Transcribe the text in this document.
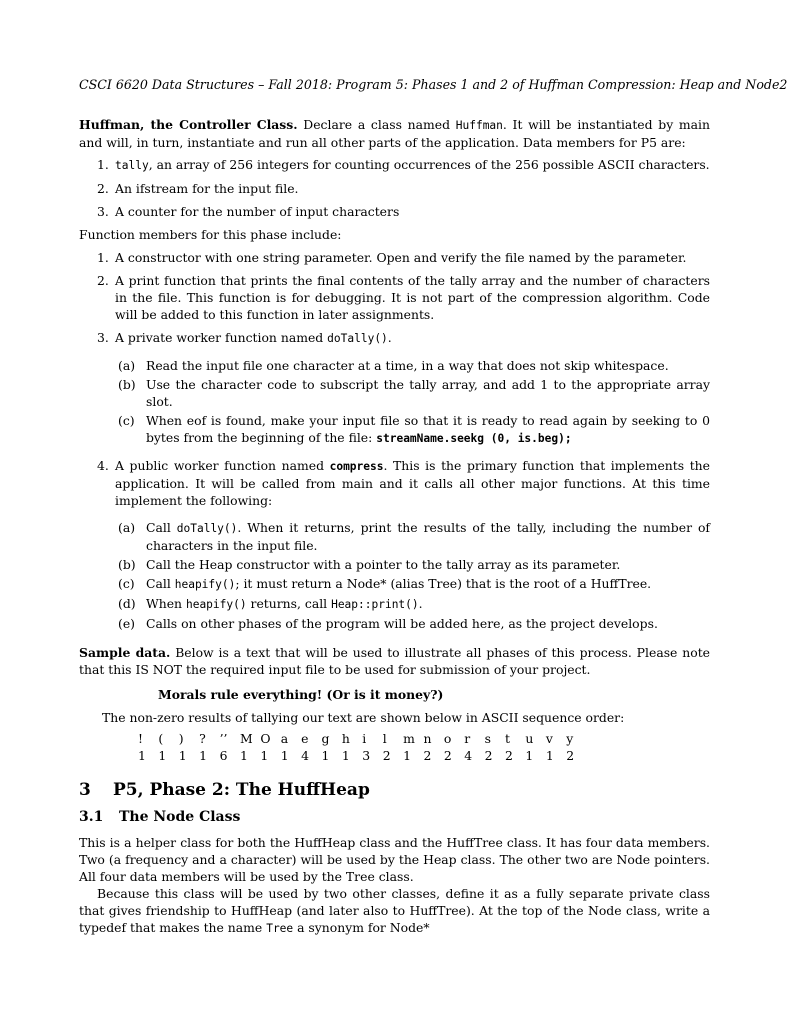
CSCI 6620 Data Structures – Fall 2018: Program 5: Phases 1 and 2 of Huffman Compression: Heap and Node2

Huffman, the Controller Class. Declare a class named Huffman. It will be instantiated by main and will, in turn, instantiate and run all other parts of the application. Data members for P5 are:

1. tally, an array of 256 integers for counting occurrences of the 256 possible ASCII characters.
2. An ifstream for the input file.
3. A counter for the number of input characters

Function members for this phase include:

1. A constructor with one string parameter. Open and verify the file named by the parameter.
2. A print function that prints the final contents of the tally array and the number of characters in the file. This function is for debugging. It is not part of the compression algorithm. Code will be added to this function in later assignments.
3. A private worker function named doTally().
(a) Read the input file one character at a time, in a way that does not skip whitespace.
(b) Use the character code to subscript the tally array, and add 1 to the appropriate array slot.
(c) When eof is found, make your input file so that it is ready to read again by seeking to 0 bytes from the beginning of the file: streamName.seekg (0, is.beg);
4. A public worker function named compress. This is the primary function that implements the application. It will be called from main and it calls all other major functions. At this time implement the following:
(a) Call doTally(). When it returns, print the results of the tally, including the number of characters in the input file.
(b) Call the Heap constructor with a pointer to the tally array as its parameter.
(c) Call heapify(); it must return a Node* (alias Tree) that is the root of a HuffTree.
(d) When heapify() returns, call Heap::print().
(e) Calls on other phases of the program will be added here, as the project develops.

Sample data. Below is a text that will be used to illustrate all phases of this process. Please note that this IS NOT the required input file to be used for submission of your project.

Morals rule everything! (Or is it money?)

The non-zero results of tallying our text are shown below in ASCII sequence order:

!	(	)	?	’’	M	O	a	e	g	h	i	l	m	n	o	r	s	t	u	v	y
1	1	1	1	6	1	1	1	4	1	1	3	2	1	2	2	4	2	2	1	1	2
3 P5, Phase 2: The HuffHeap
3.1 The Node Class

This is a helper class for both the HuffHeap class and the HuffTree class. It has four data members. Two (a frequency and a character) will be used by the Heap class. The other two are Node pointers. All four data members will be used by the Tree class.

Because this class will be used by two other classes, define it as a fully separate private class that gives friendship to HuffHeap (and later also to HuffTree). At the top of the Node class, write a typedef that makes the name Tree a synonym for Node*
